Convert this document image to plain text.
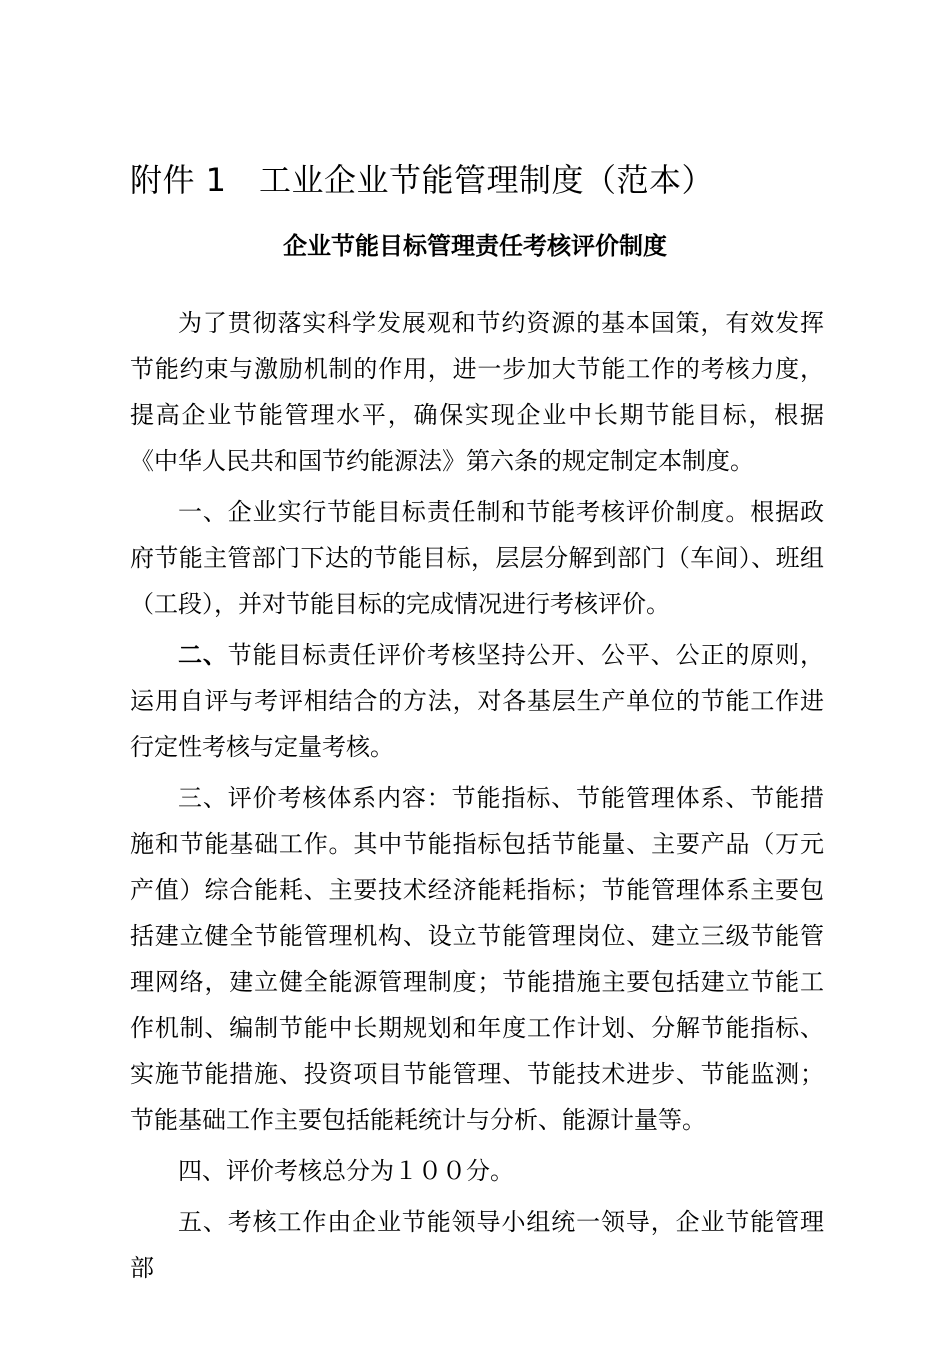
附件 1　工业企业节能管理制度（范本）
企业节能目标管理责任考核评价制度

为了贯彻落实科学发展观和节约资源的基本国策，有效发挥节能约束与激励机制的作用，进一步加大节能工作的考核力度，提高企业节能管理水平，确保实现企业中长期节能目标，根据《中华人民共和国节约能源法》第六条的规定制定本制度。

一、企业实行节能目标责任制和节能考核评价制度。根据政府节能主管部门下达的节能目标，层层分解到部门（车间）、班组（工段），并对节能目标的完成情况进行考核评价。

二、节能目标责任评价考核坚持公开、公平、公正的原则，运用自评与考评相结合的方法，对各基层生产单位的节能工作进行定性考核与定量考核。

三、评价考核体系内容：节能指标、节能管理体系、节能措施和节能基础工作。其中节能指标包括节能量、主要产品（万元产值）综合能耗、主要技术经济能耗指标；节能管理体系主要包括建立健全节能管理机构、设立节能管理岗位、建立三级节能管理网络，建立健全能源管理制度；节能措施主要包括建立节能工作机制、编制节能中长期规划和年度工作计划、分解节能指标、实施节能措施、投资项目节能管理、节能技术进步、节能监测；节能基础工作主要包括能耗统计与分析、能源计量等。

四、评价考核总分为１００分。

五、考核工作由企业节能领导小组统一领导，企业节能管理部
